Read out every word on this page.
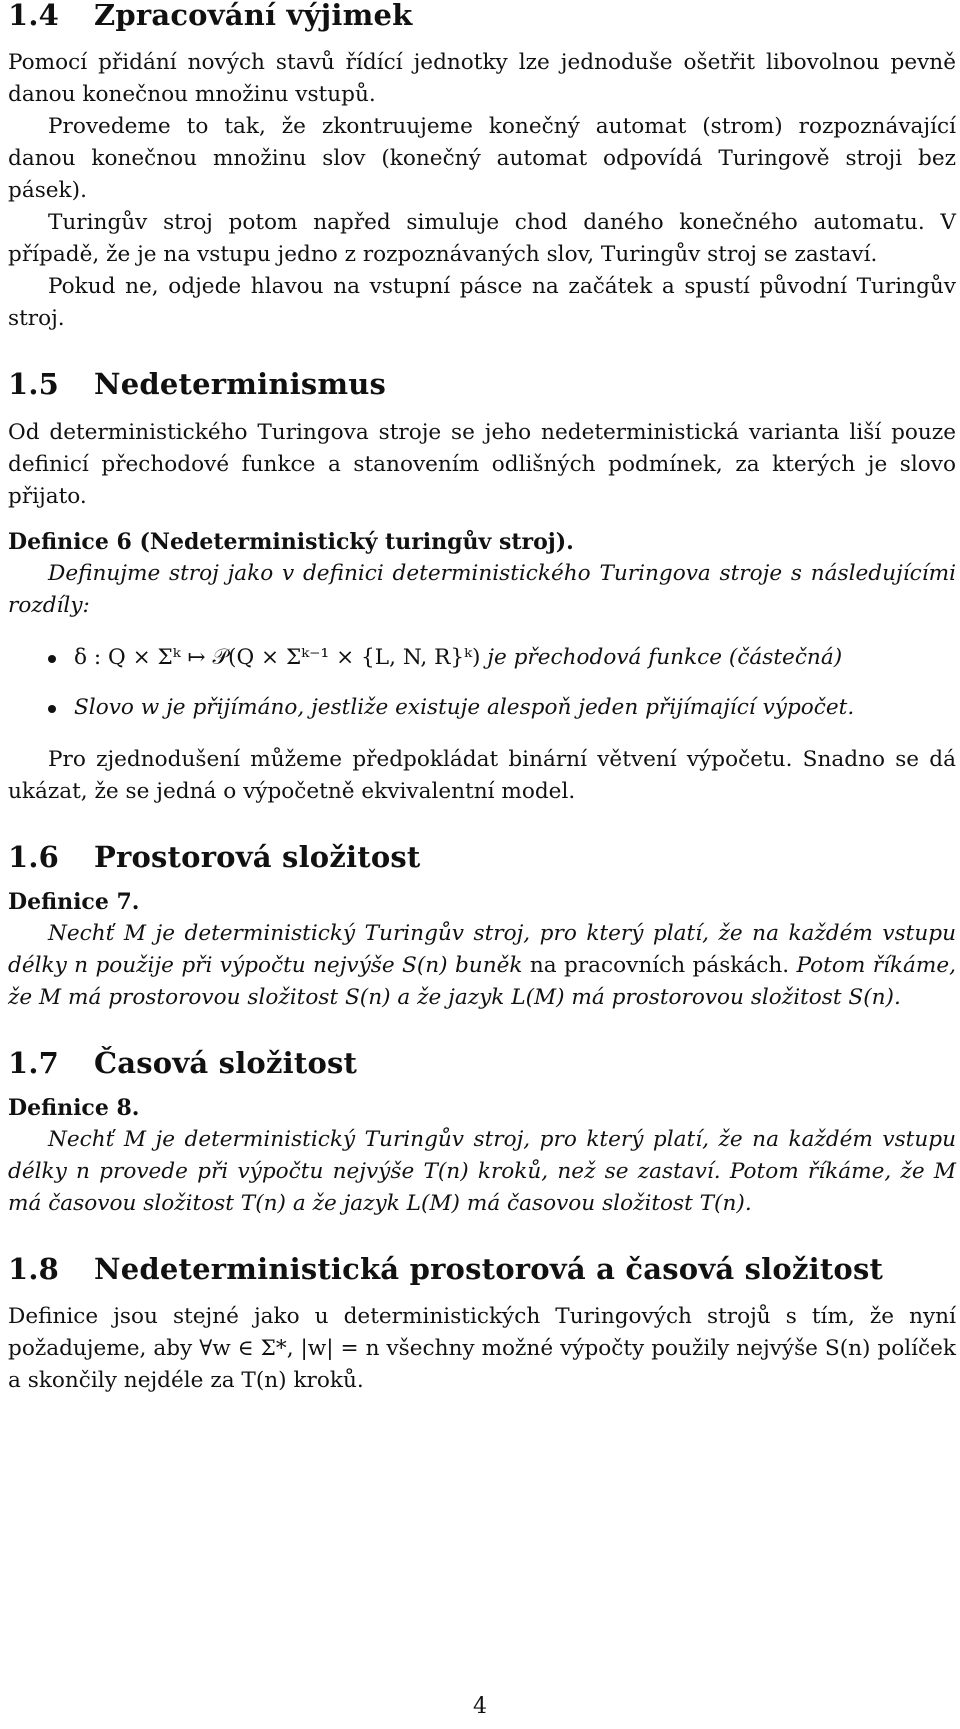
1.4 Zpracování výjimek

Pomocí přidání nových stavů řídící jednotky lze jednoduše ošetřit libovolnou pevně danou konečnou množinu vstupů.

Provedeme to tak, že zkontruujeme konečný automat (strom) rozpoznávající danou konečnou množinu slov (konečný automat odpovídá Turingově stroji bez pásek).

Turingův stroj potom napřed simuluje chod daného konečného automatu. V případě, že je na vstupu jedno z rozpoznávaných slov, Turingův stroj se zastaví.

Pokud ne, odjede hlavou na vstupní pásce na začátek a spustí původní Turingův stroj.

1.5 Nedeterminismus

Od deterministického Turingova stroje se jeho nedeterministická varianta liší pouze definicí přechodové funkce a stanovením odlišných podmínek, za kterých je slovo přijato.

Definice 6 (Nedeterministický turingův stroj).

Definujme stroj jako v definici deterministického Turingova stroje s následujícími rozdíly:

δ : Q × Σᵏ ↦ 𝒫(Q × Σᵏ⁻¹ × {L, N, R}ᵏ) je přechodová funkce (částečná)
Slovo w je přijímáno, jestliže existuje alespoň jeden přijímající výpočet.

Pro zjednodušení můžeme předpokládat binární větvení výpočetu. Snadno se dá ukázat, že se jedná o výpočetně ekvivalentní model.

1.6 Prostorová složitost

Definice 7.

Nechť M je deterministický Turingův stroj, pro který platí, že na každém vstupu délky n použije při výpočtu nejvýše S(n) buněk na pracovních páskách. Potom říkáme, že M má prostorovou složitost S(n) a že jazyk L(M) má prostorovou složitost S(n).

1.7 Časová složitost

Definice 8.

Nechť M je deterministický Turingův stroj, pro který platí, že na každém vstupu délky n provede při výpočtu nejvýše T(n) kroků, než se zastaví. Potom říkáme, že M má časovou složitost T(n) a že jazyk L(M) má časovou složitost T(n).

1.8 Nedeterministická prostorová a časová složitost

Definice jsou stejné jako u deterministických Turingových strojů s tím, že nyní požadujeme, aby ∀w ∈ Σ*, |w| = n všechny možné výpočty použily nejvýše S(n) políček a skončily nejdéle za T(n) kroků.

4
